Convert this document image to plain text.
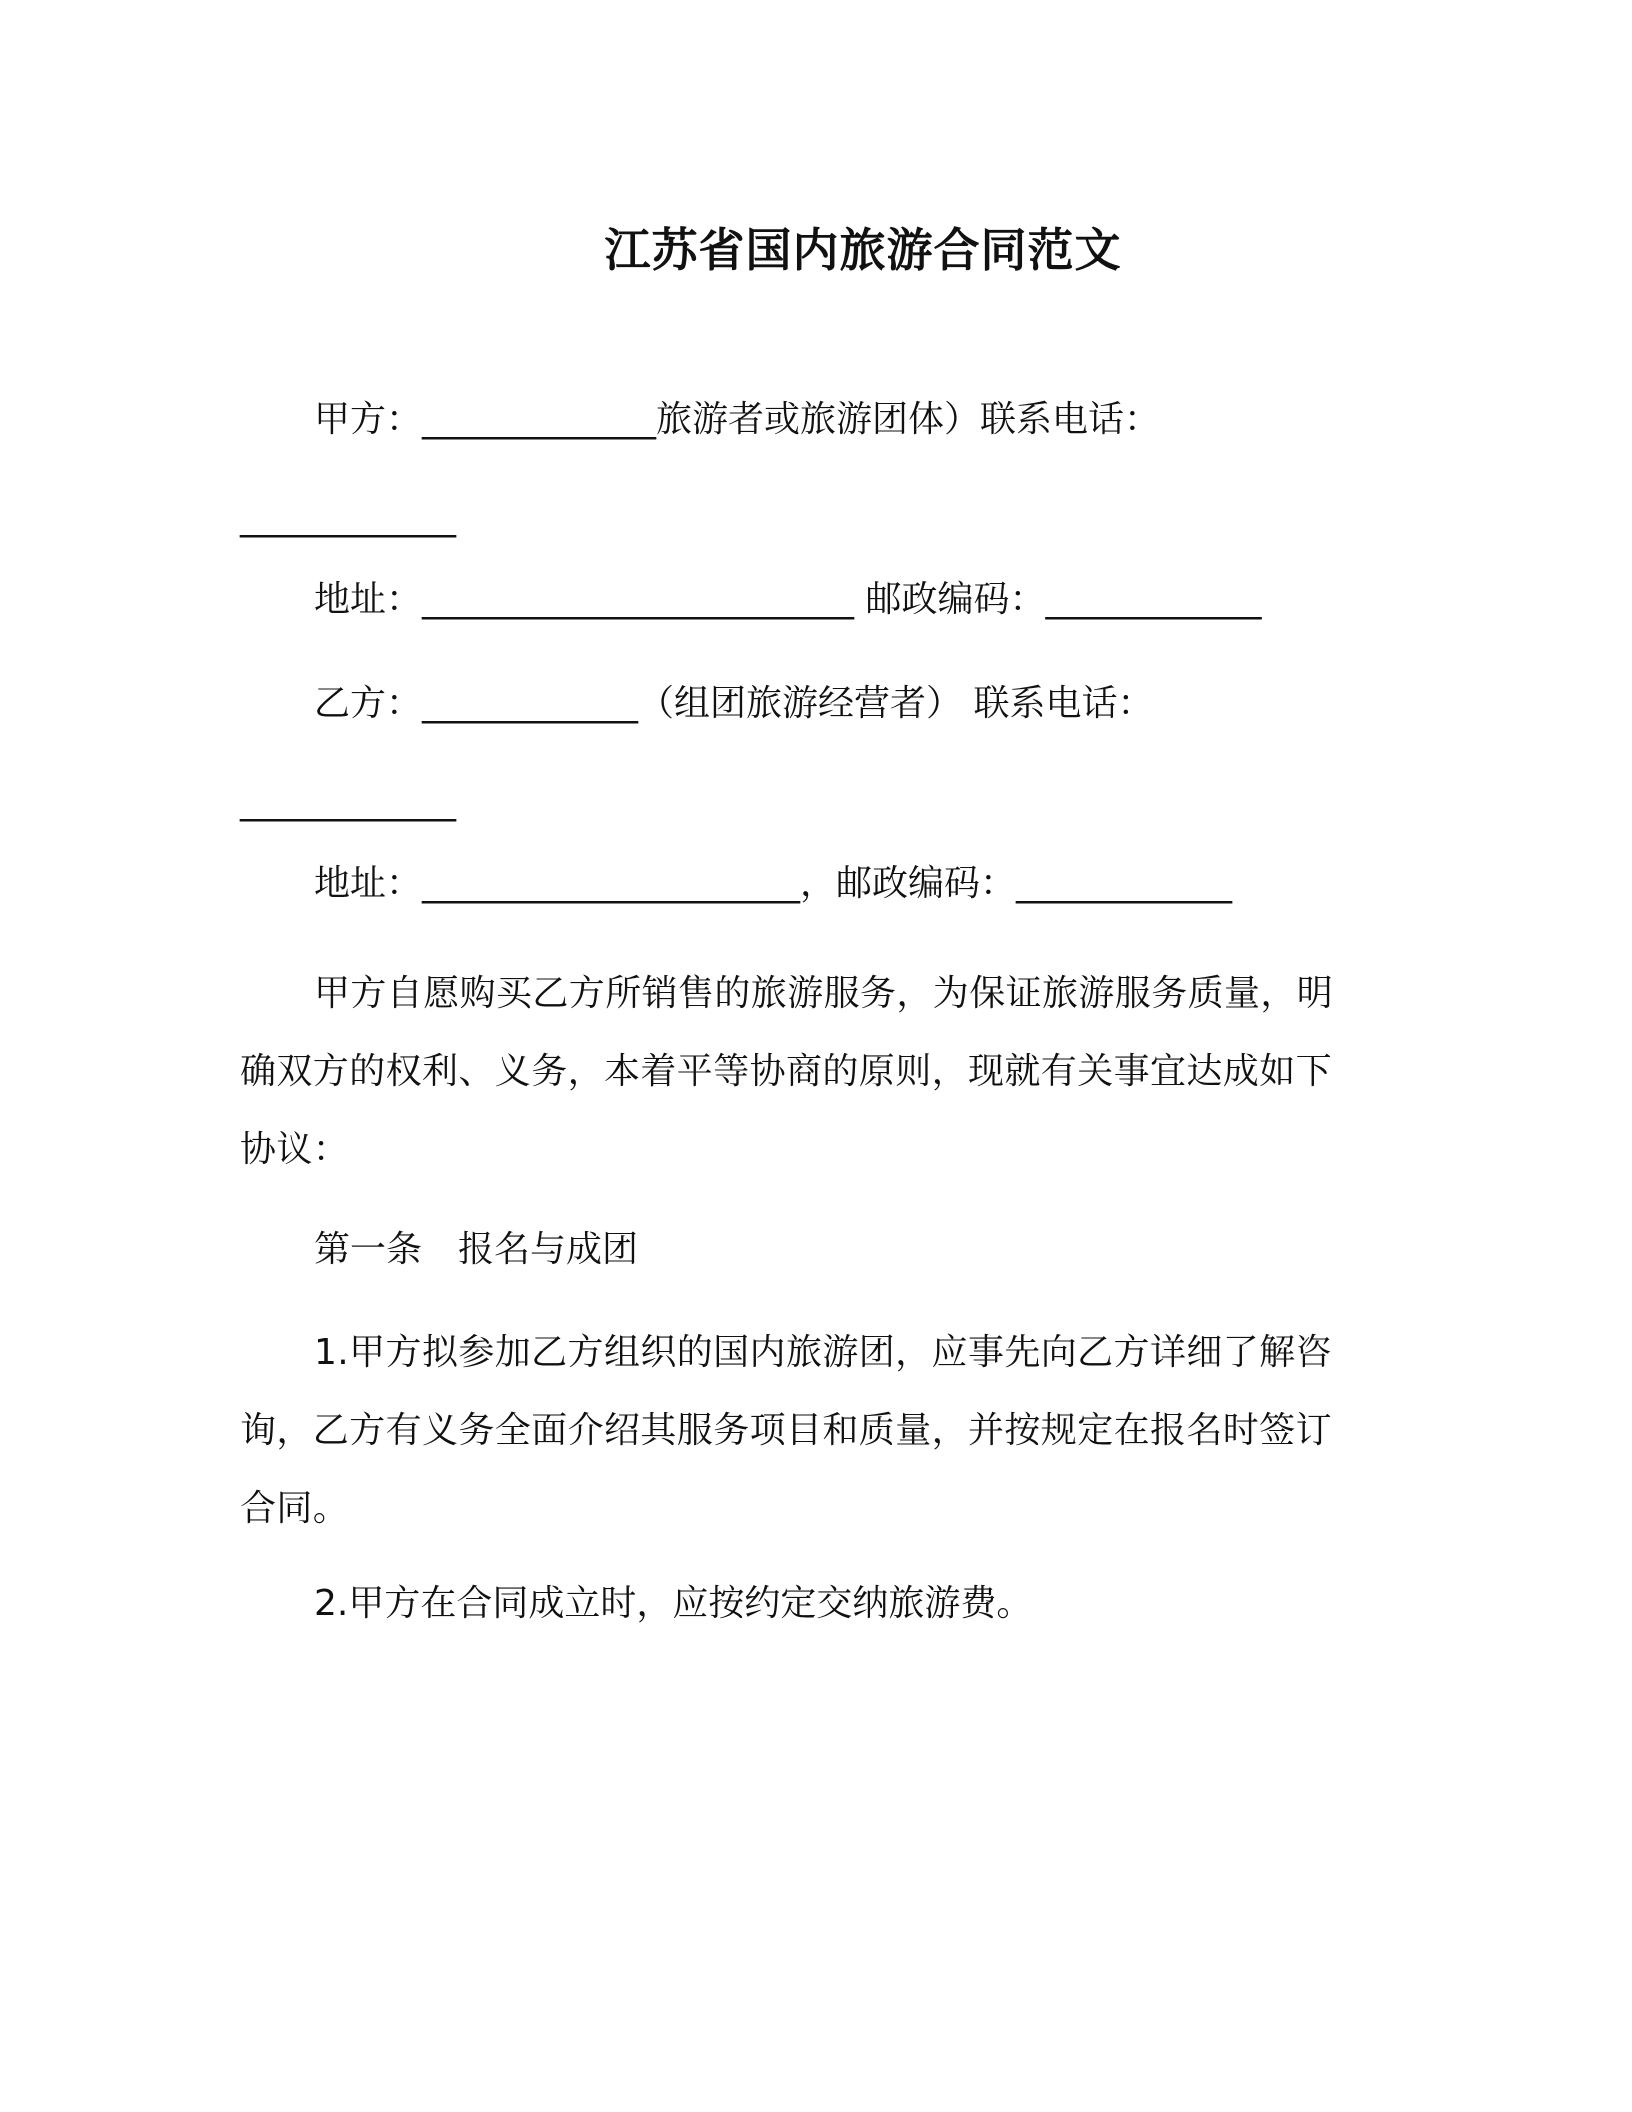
江苏省国内旅游合同范文
甲方：_____________旅游者或旅游团体）联系电话：
____________
地址：________________________ 邮政编码：____________
乙方：____________（组团旅游经营者） 联系电话：
____________
地址：_____________________，邮政编码：____________
甲方自愿购买乙方所销售的旅游服务，为保证旅游服务质量，明确双方的权利、义务，本着平等协商的原则，现就有关事宜达成如下协议：
第一条　报名与成团
1.甲方拟参加乙方组织的国内旅游团，应事先向乙方详细了解咨询，乙方有义务全面介绍其服务项目和质量，并按规定在报名时签订合同。
2.甲方在合同成立时，应按约定交纳旅游费。
